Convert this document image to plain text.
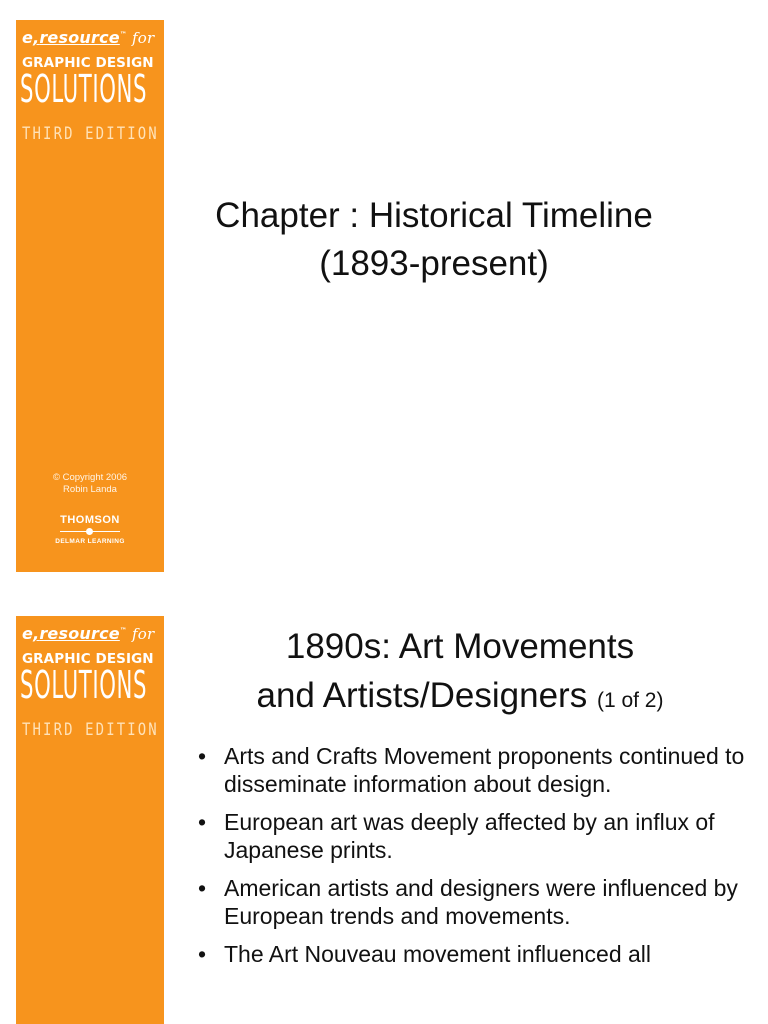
e,resource™ for
GRAPHIC DESIGN
SOLUTIONS
THIRD EDITION
© Copyright 2006
Robin Landa
THOMSON
DELMAR LEARNING
Chapter : Historical Timeline
(1893-present)
e,resource™ for
GRAPHIC DESIGN
SOLUTIONS
THIRD EDITION
1890s: Art Movements
and Artists/Designers (1 of 2)
• Arts and Crafts Movement proponents continued to disseminate information about design.
• European art was deeply affected by an influx of Japanese prints.
• American artists and designers were influenced by European trends and movements.
• The Art Nouveau movement influenced all
